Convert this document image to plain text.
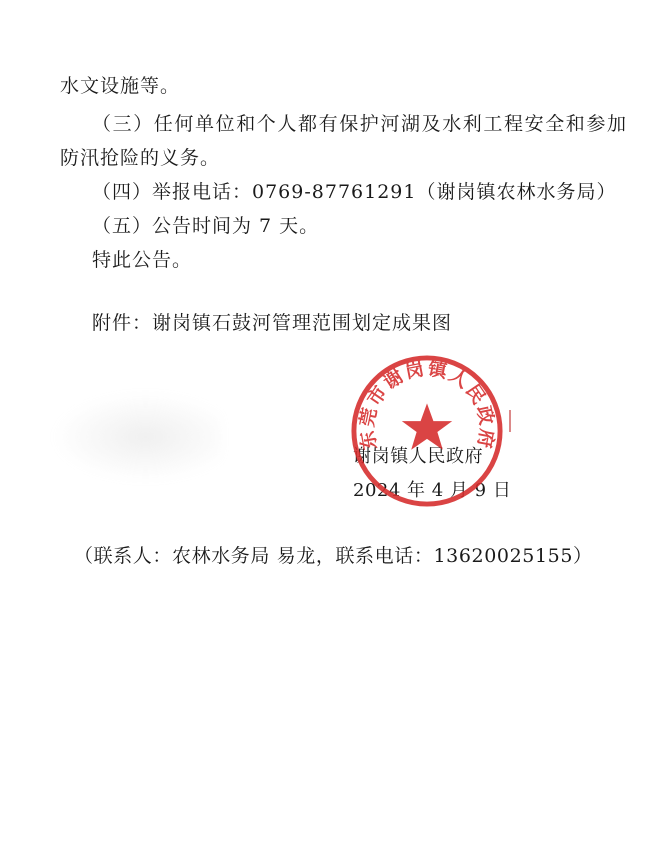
水文设施等。
（三）任何单位和个人都有保护河湖及水利工程安全和参加
防汛抢险的义务。
（四）举报电话：0769-87761291（谢岗镇农林水务局）
（五）公告时间为 7 天。
特此公告。
附件：谢岗镇石鼓河管理范围划定成果图
谢岗镇人民政府
2024 年 4 月 9 日
东莞市谢岗镇人民政府
（联系人：农林水务局 易龙，联系电话：13620025155）
